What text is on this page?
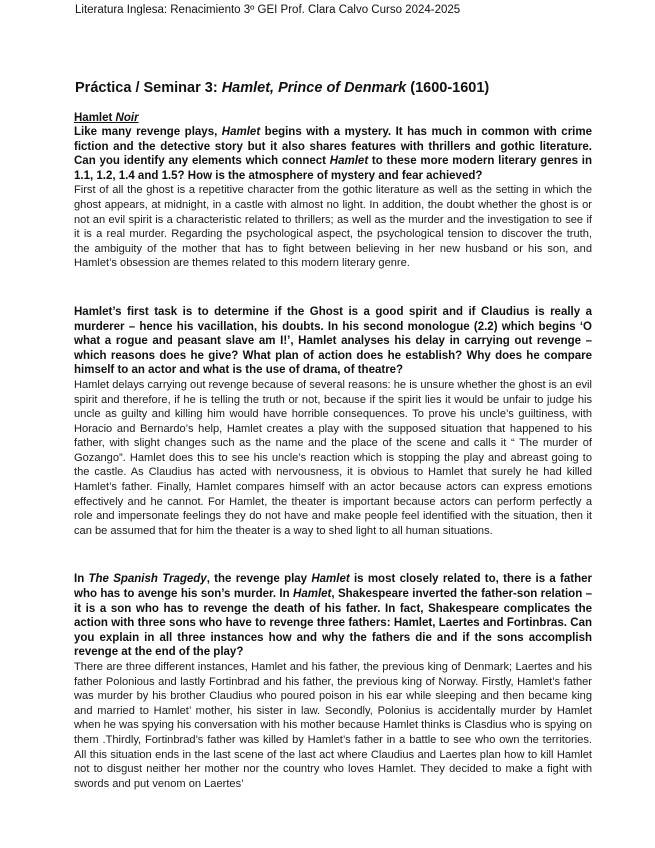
Literatura Inglesa: Renacimiento 3º GEI Prof. Clara Calvo Curso 2024-2025
Práctica / Seminar 3: Hamlet, Prince of Denmark (1600-1601)
Hamlet Noir

Like many revenge plays, Hamlet begins with a mystery. It has much in common with crime fiction and the detective story but it also shares features with thrillers and gothic literature. Can you identify any elements which connect Hamlet to these more modern literary genres in 1.1, 1.2, 1.4 and 1.5? How is the atmosphere of mystery and fear achieved?

First of all the ghost is a repetitive character from the gothic literature as well as the setting in which the ghost appears, at midnight, in a castle with almost no light. In addition, the doubt whether the ghost is or not an evil spirit is a characteristic related to thrillers; as well as the murder and the investigation to see if it is a real murder. Regarding the psychological aspect, the psychological tension to discover the truth, the ambiguity of the mother that has to fight between believing in her new husband or his son, and Hamlet’s obsession are themes related to this modern literary genre.

Hamlet’s first task is to determine if the Ghost is a good spirit and if Claudius is really a murderer – hence his vacillation, his doubts. In his second monologue (2.2) which begins ‘O what a rogue and peasant slave am I!’, Hamlet analyses his delay in carrying out revenge – which reasons does he give? What plan of action does he establish? Why does he compare himself to an actor and what is the use of drama, of theatre?

Hamlet delays carrying out revenge because of several reasons: he is unsure whether the ghost is an evil spirit and therefore, if he is telling the truth or not, because if the spirit lies it would be unfair to judge his uncle as guilty and killing him would have horrible consequences. To prove his uncle’s guiltiness, with Horacio and Bernardo’s help, Hamlet creates a play with the supposed situation that happened to his father, with slight changes such as the name and the place of the scene and calls it “ The murder of Gozango”. Hamlet does this to see his uncle’s reaction which is stopping the play and abreast going to the castle. As Claudius has acted with nervousness, it is obvious to Hamlet that surely he had killed Hamlet’s father. Finally, Hamlet compares himself with an actor because actors can express emotions effectively and he cannot. For Hamlet, the theater is important because actors can perform perfectly a role and impersonate feelings they do not have and make people feel identified with the situation, then it can be assumed that for him the theater is a way to shed light to all human situations.

In The Spanish Tragedy, the revenge play Hamlet is most closely related to, there is a father who has to avenge his son’s murder. In Hamlet, Shakespeare inverted the father-son relation – it is a son who has to revenge the death of his father. In fact, Shakespeare complicates the action with three sons who have to revenge three fathers: Hamlet, Laertes and Fortinbras. Can you explain in all three instances how and why the fathers die and if the sons accomplish revenge at the end of the play?

There are three different instances, Hamlet and his father, the previous king of Denmark; Laertes and his father Polonious and lastly Fortinbrad and his father, the previous king of Norway. Firstly, Hamlet’s father was murder by his brother Claudius who poured poison in his ear while sleeping and then became king and married to Hamlet’ mother, his sister in law. Secondly, Polonius is accidentally murder by Hamlet when he was spying his conversation with his mother because Hamlet thinks is Clasdius who is spying on them .Thirdly, Fortinbrad’s father was killed by Hamlet’s father in a battle to see who own the territories. All this situation ends in the last scene of the last act where Claudius and Laertes plan how to kill Hamlet not to disgust neither her mother nor the country who loves Hamlet. They decided to make a fight with swords and put venom on Laertes’
